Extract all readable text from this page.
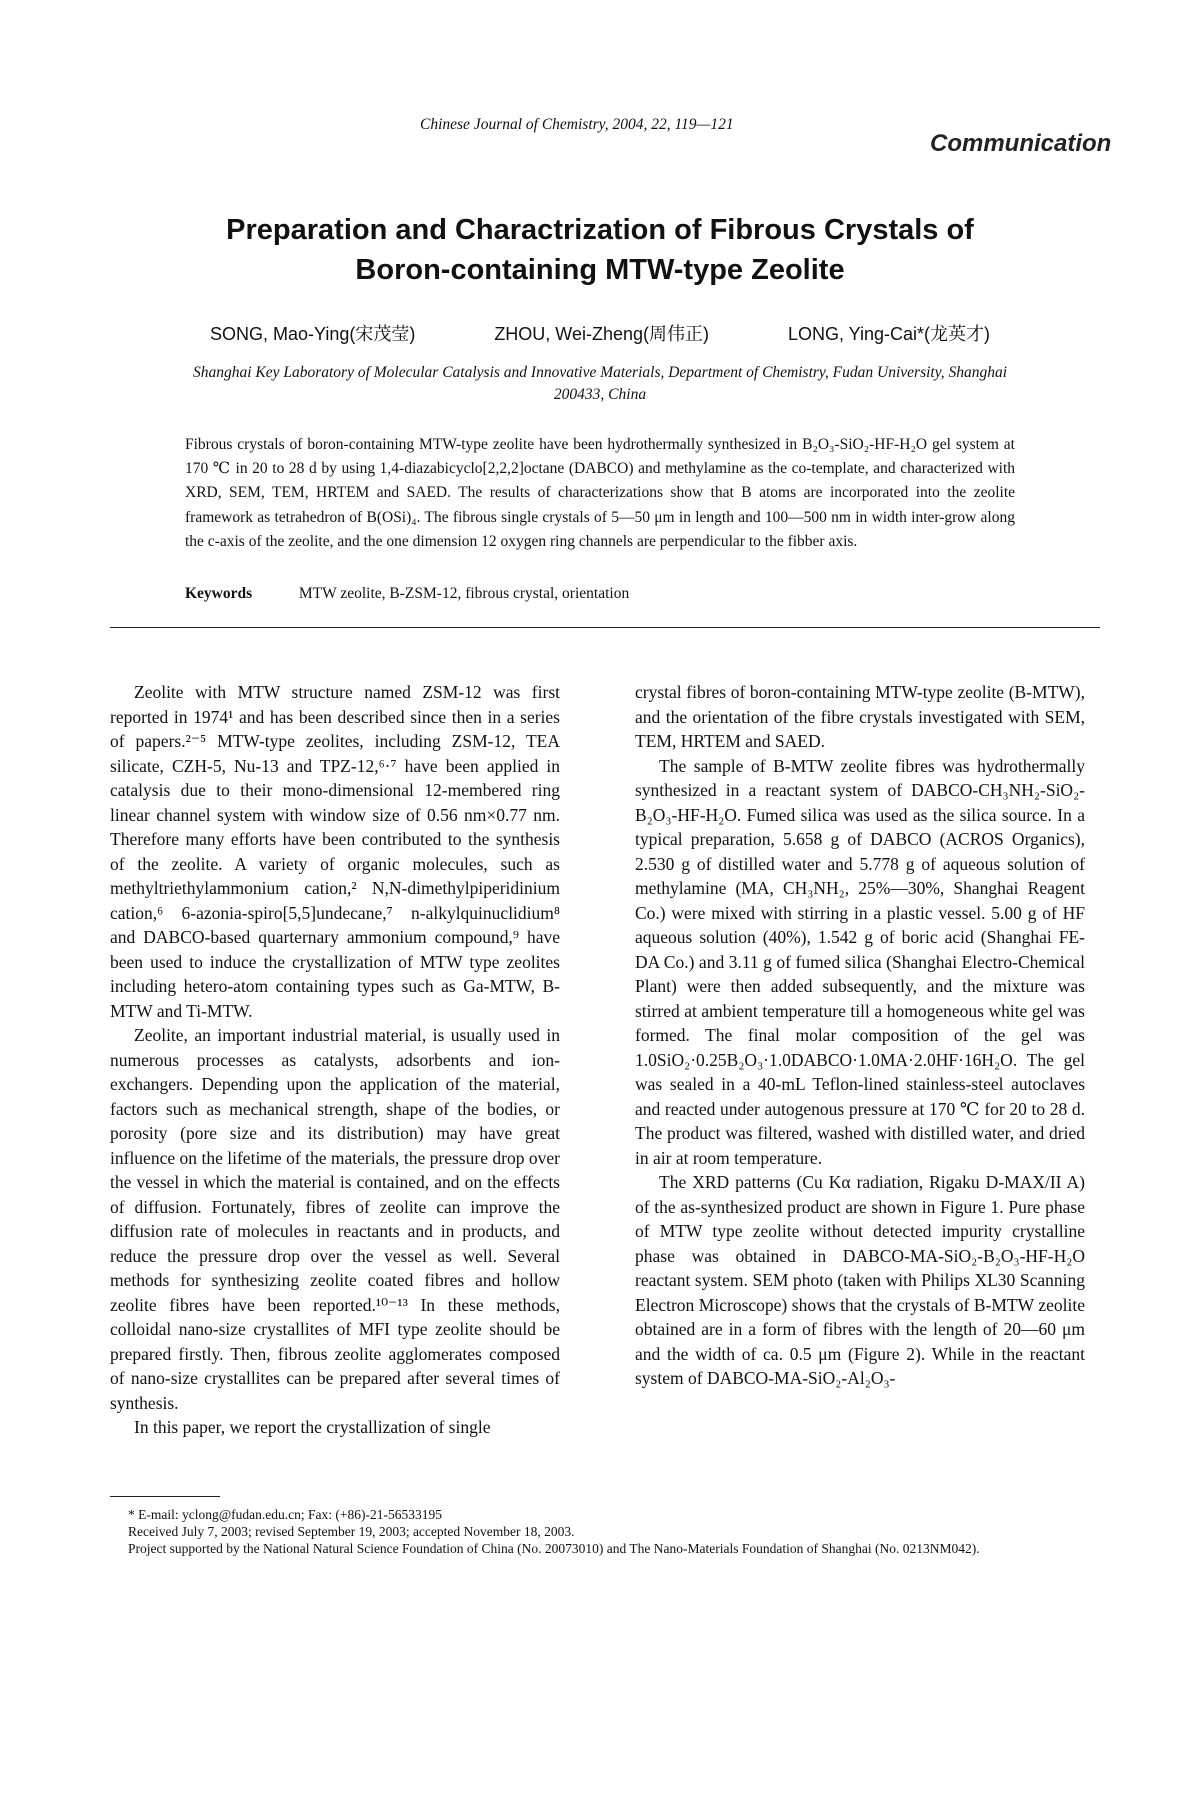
Chinese Journal of Chemistry, 2004, 22, 119—121
Communication
Preparation and Charactrization of Fibrous Crystals of
Boron-containing MTW-type Zeolite
SONG, Mao-Ying(宋茂莹)	ZHOU, Wei-Zheng(周伟正)	LONG, Ying-Cai*(龙英才)
Shanghai Key Laboratory of Molecular Catalysis and Innovative Materials, Department of Chemistry, Fudan University, Shanghai 200433, China
Fibrous crystals of boron-containing MTW-type zeolite have been hydrothermally synthesized in B₂O₃-SiO₂-HF-H₂O gel system at 170 ℃ in 20 to 28 d by using 1,4-diazabicyclo[2,2,2]octane (DABCO) and methylamine as the co-template, and characterized with XRD, SEM, TEM, HRTEM and SAED. The results of characterizations show that B atoms are incorporated into the zeolite framework as tetrahedron of B(OSi)₄. The fibrous single crystals of 5—50 μm in length and 100—500 nm in width inter-grow along the c-axis of the zeolite, and the one dimension 12 oxygen ring channels are perpendicular to the fibber axis.
Keywords	MTW zeolite, B-ZSM-12, fibrous crystal, orientation

Zeolite with MTW structure named ZSM-12 was first reported in 1974¹ and has been described since then in a series of papers.²⁻⁵ MTW-type zeolites, including ZSM-12, TEA silicate, CZH-5, Nu-13 and TPZ-12,⁶·⁷ have been applied in catalysis due to their mono-dimensional 12-membered ring linear channel system with window size of 0.56 nm×0.77 nm. Therefore many efforts have been contributed to the synthesis of the zeolite. A variety of organic molecules, such as methyltriethylammonium cation,² N,N-dimethylpiperidinium cation,⁶ 6-azonia-spiro[5,5]undecane,⁷ n-alkylquinuclidium⁸ and DABCO-based quarternary ammonium compound,⁹ have been used to induce the crystallization of MTW type zeolites including hetero-atom containing types such as Ga-MTW, B-MTW and Ti-MTW.

Zeolite, an important industrial material, is usually used in numerous processes as catalysts, adsorbents and ion-exchangers. Depending upon the application of the material, factors such as mechanical strength, shape of the bodies, or porosity (pore size and its distribution) may have great influence on the lifetime of the materials, the pressure drop over the vessel in which the material is contained, and on the effects of diffusion. Fortunately, fibres of zeolite can improve the diffusion rate of molecules in reactants and in products, and reduce the pressure drop over the vessel as well. Several methods for synthesizing zeolite coated fibres and hollow zeolite fibres have been reported.¹⁰⁻¹³ In these methods, colloidal nano-size crystallites of MFI type zeolite should be prepared firstly. Then, fibrous zeolite agglomerates composed of nano-size crystallites can be prepared after several times of synthesis.

In this paper, we report the crystallization of single

crystal fibres of boron-containing MTW-type zeolite (B-MTW), and the orientation of the fibre crystals investigated with SEM, TEM, HRTEM and SAED.

The sample of B-MTW zeolite fibres was hydrothermally synthesized in a reactant system of DABCO-CH₃NH₂-SiO₂-B₂O₃-HF-H₂O. Fumed silica was used as the silica source. In a typical preparation, 5.658 g of DABCO (ACROS Organics), 2.530 g of distilled water and 5.778 g of aqueous solution of methylamine (MA, CH₃NH₂, 25%—30%, Shanghai Reagent Co.) were mixed with stirring in a plastic vessel. 5.00 g of HF aqueous solution (40%), 1.542 g of boric acid (Shanghai FE-DA Co.) and 3.11 g of fumed silica (Shanghai Electro-Chemical Plant) were then added subsequently, and the mixture was stirred at ambient temperature till a homogeneous white gel was formed. The final molar composition of the gel was 1.0SiO₂·0.25B₂O₃·1.0DABCO·1.0MA·2.0HF·16H₂O. The gel was sealed in a 40-mL Teflon-lined stainless-steel autoclaves and reacted under autogenous pressure at 170 ℃ for 20 to 28 d. The product was filtered, washed with distilled water, and dried in air at room temperature.

The XRD patterns (Cu Kα radiation, Rigaku D-MAX/II A) of the as-synthesized product are shown in Figure 1. Pure phase of MTW type zeolite without detected impurity crystalline phase was obtained in DABCO-MA-SiO₂-B₂O₃-HF-H₂O reactant system. SEM photo (taken with Philips XL30 Scanning Electron Microscope) shows that the crystals of B-MTW zeolite obtained are in a form of fibres with the length of 20—60 μm and the width of ca. 0.5 μm (Figure 2). While in the reactant system of DABCO-MA-SiO₂-Al₂O₃-

* E-mail: yclong@fudan.edu.cn; Fax: (+86)-21-56533195
Received July 7, 2003; revised September 19, 2003; accepted November 18, 2003.
Project supported by the National Natural Science Foundation of China (No. 20073010) and The Nano-Materials Foundation of Shanghai (No. 0213NM042).
